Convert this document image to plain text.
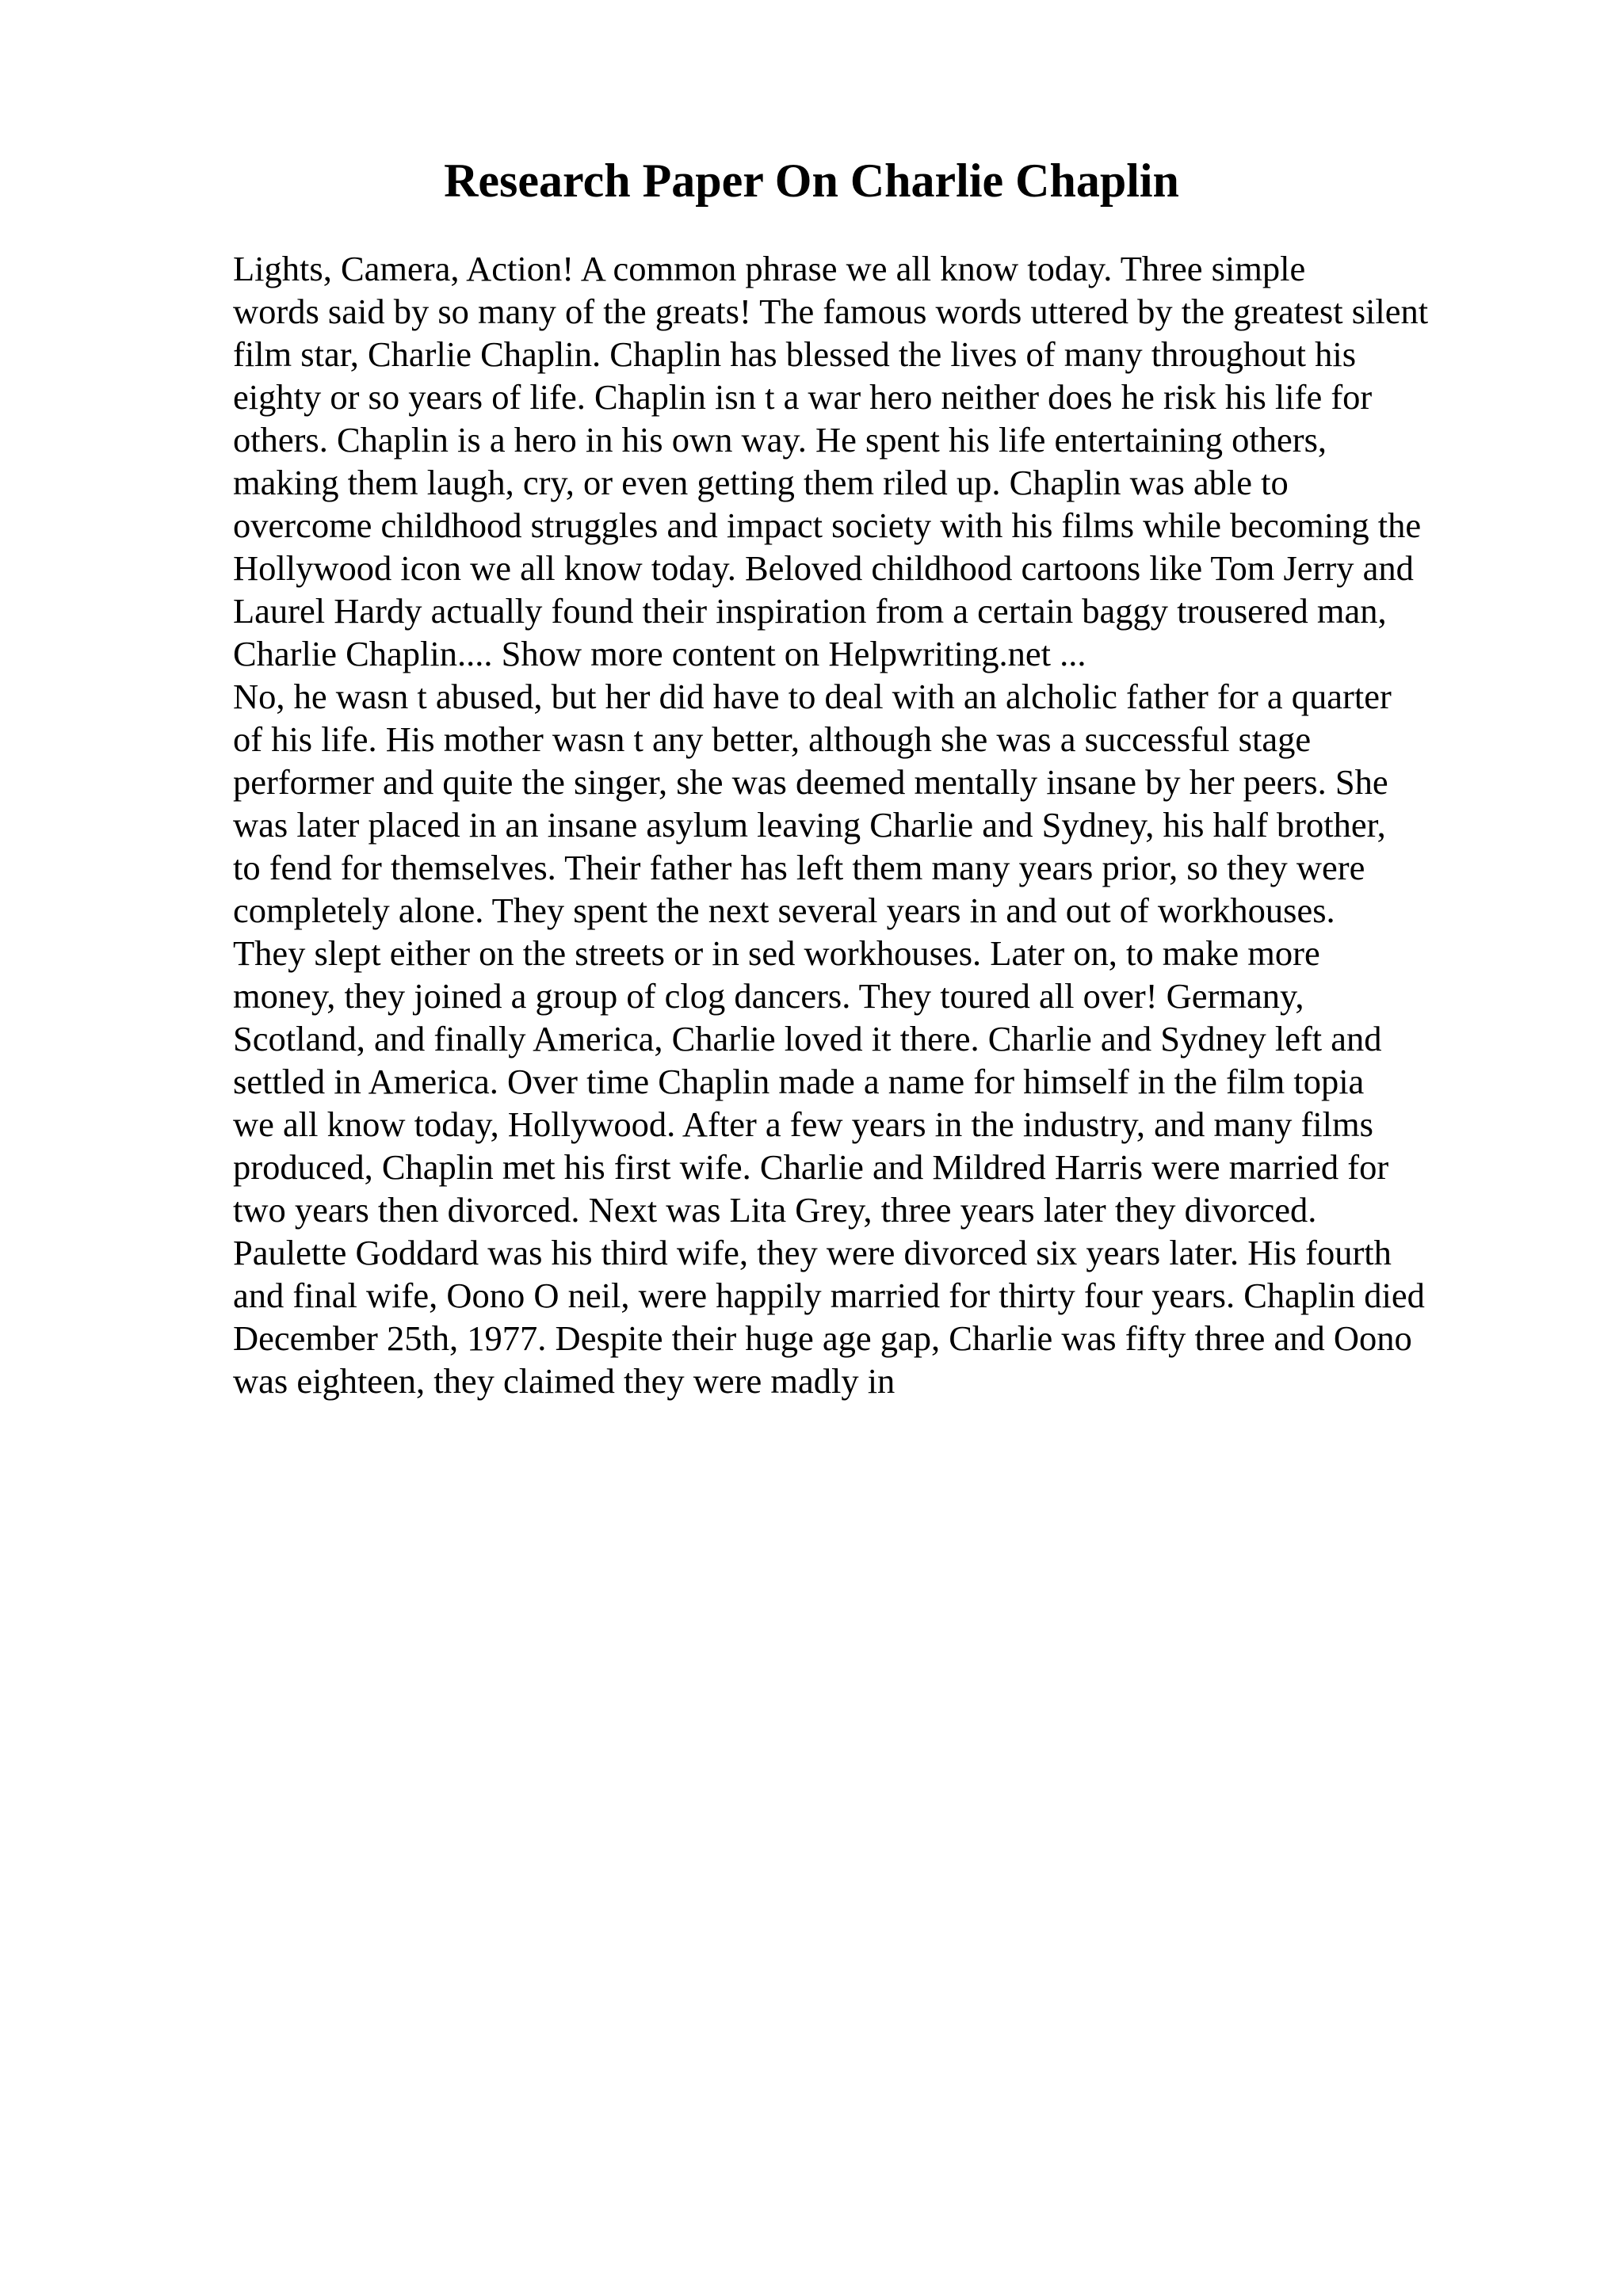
Research Paper On Charlie Chaplin
Lights, Camera, Action! A common phrase we all know today. Three simple
words said by so many of the greats! The famous words uttered by the greatest silent
film star, Charlie Chaplin. Chaplin has blessed the lives of many throughout his
eighty or so years of life. Chaplin isn t a war hero neither does he risk his life for
others. Chaplin is a hero in his own way. He spent his life entertaining others,
making them laugh, cry, or even getting them riled up. Chaplin was able to
overcome childhood struggles and impact society with his films while becoming the
Hollywood icon we all know today. Beloved childhood cartoons like Tom Jerry and
Laurel Hardy actually found their inspiration from a certain baggy trousered man,
Charlie Chaplin.... Show more content on Helpwriting.net ...
No, he wasn t abused, but her did have to deal with an alcholic father for a quarter
of his life. His mother wasn t any better, although she was a successful stage
performer and quite the singer, she was deemed mentally insane by her peers. She
was later placed in an insane asylum leaving Charlie and Sydney, his half brother,
to fend for themselves. Their father has left them many years prior, so they were
completely alone. They spent the next several years in and out of workhouses.
They slept either on the streets or in sed workhouses. Later on, to make more
money, they joined a group of clog dancers. They toured all over! Germany,
Scotland, and finally America, Charlie loved it there. Charlie and Sydney left and
settled in America. Over time Chaplin made a name for himself in the film topia
we all know today, Hollywood. After a few years in the industry, and many films
produced, Chaplin met his first wife. Charlie and Mildred Harris were married for
two years then divorced. Next was Lita Grey, three years later they divorced.
Paulette Goddard was his third wife, they were divorced six years later. His fourth
and final wife, Oono O neil, were happily married for thirty four years. Chaplin died
December 25th, 1977. Despite their huge age gap, Charlie was fifty three and Oono
was eighteen, they claimed they were madly in
